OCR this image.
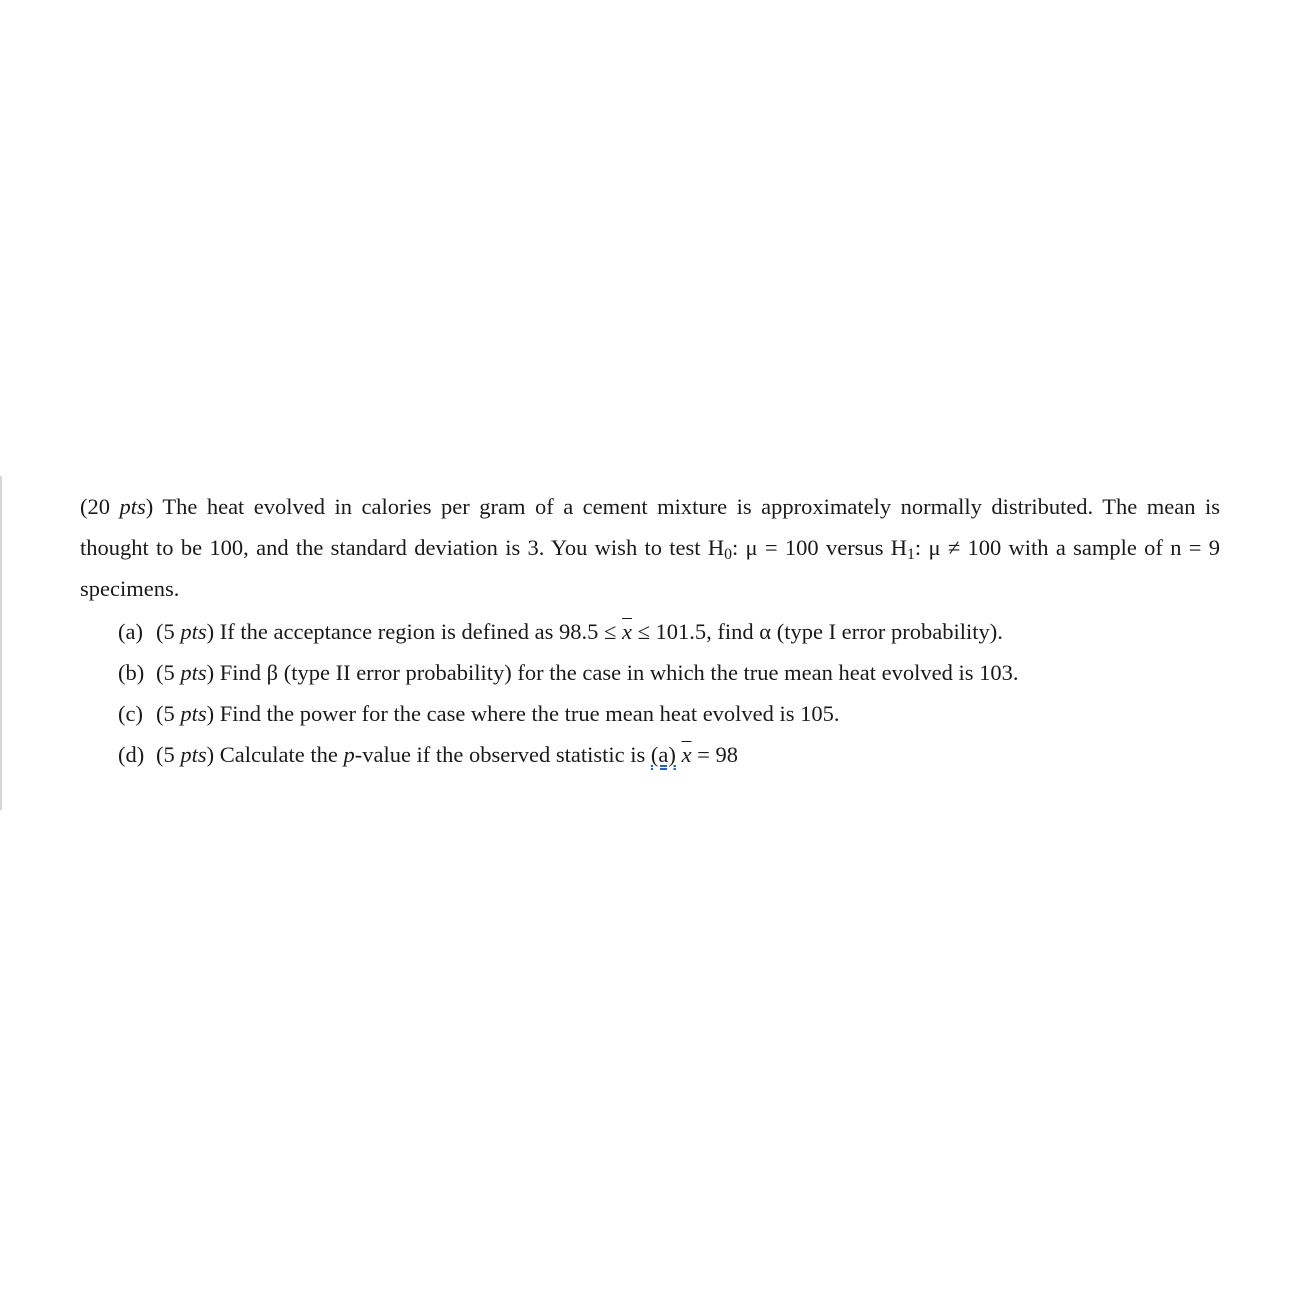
(20 pts) The heat evolved in calories per gram of a cement mixture is approximately normally distributed. The mean is thought to be 100, and the standard deviation is 3. You wish to test $H_0$: μ = 100 versus $H_1$: μ ≠ 100 with a sample of n = 9 specimens.

(a) (5 pts) If the acceptance region is defined as $98.5 \le \overline{x} \le 101.5$, find α (type I error probability).
(b) (5 pts) Find β (type II error probability) for the case in which the true mean heat evolved is 103.
(c) (5 pts) Find the power for the case where the true mean heat evolved is 105.
(d) (5 pts) Calculate the p-value if the observed statistic is (a) $\overline{x} = 98$
